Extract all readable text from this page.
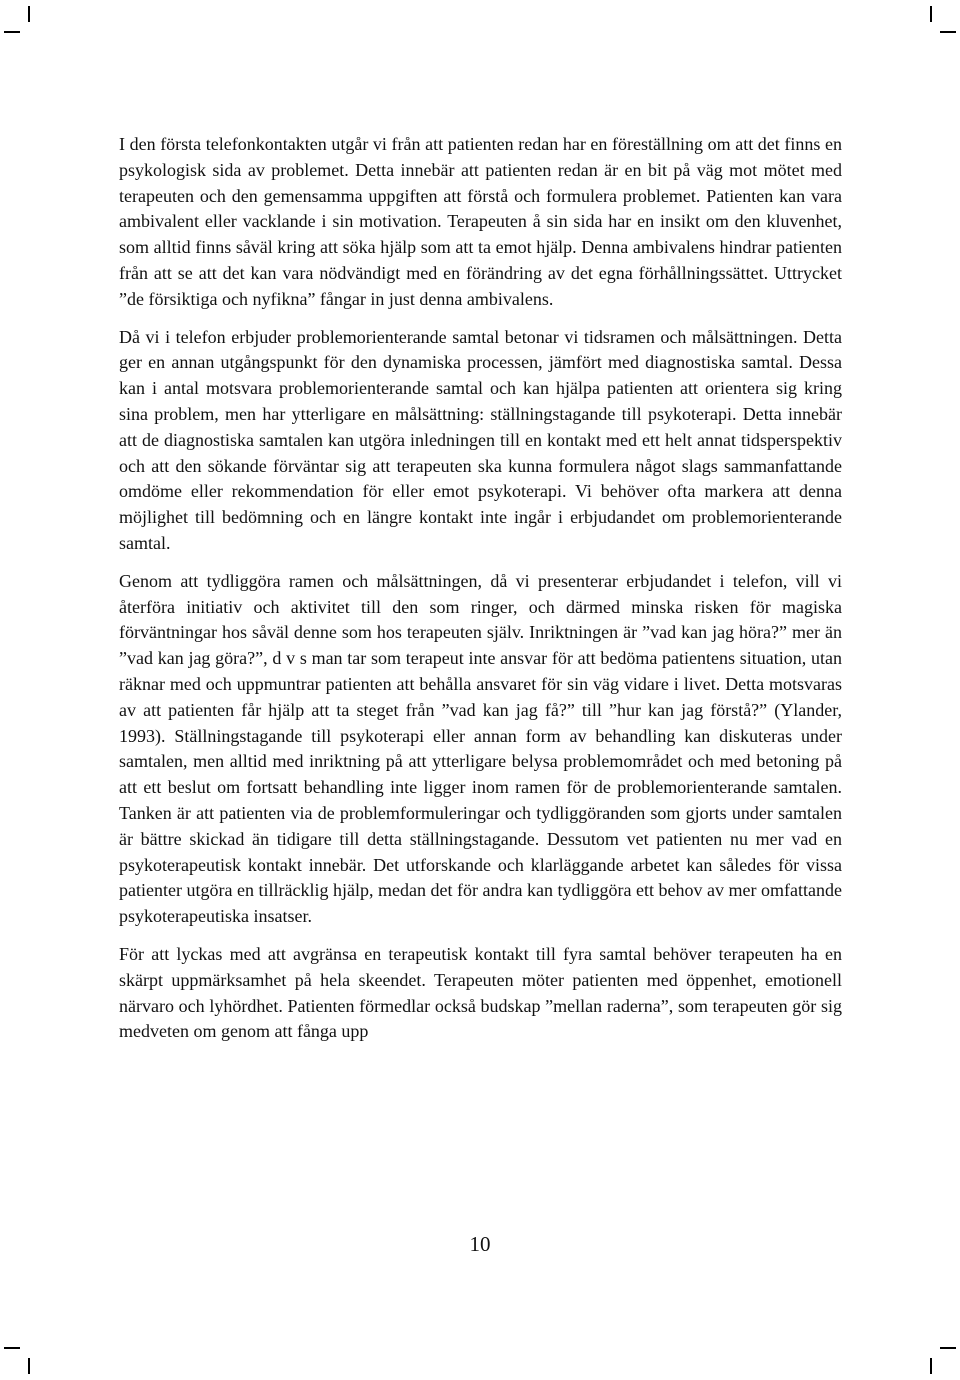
I den första telefonkontakten utgår vi från att patienten redan har en föreställning om att det finns en psykologisk sida av problemet. Detta innebär att patienten redan är en bit på väg mot mötet med terapeuten och den gemensamma uppgiften att förstå och formulera problemet. Patienten kan vara ambivalent eller vacklande i sin motivation. Terapeuten å sin sida har en insikt om den kluvenhet, som alltid finns såväl kring att söka hjälp som att ta emot hjälp. Denna ambivalens hindrar patienten från att se att det kan vara nödvändigt med en förändring av det egna förhållningssättet. Uttrycket ”de försiktiga och nyfikna” fångar in just denna ambivalens.

Då vi i telefon erbjuder problemorienterande samtal betonar vi tidsramen och målsättningen. Detta ger en annan utgångspunkt för den dynamiska processen, jämfört med diagnostiska samtal. Dessa kan i antal motsvara problemorienterande samtal och kan hjälpa patienten att orientera sig kring sina problem, men har ytterligare en målsättning: ställningstagande till psykoterapi. Detta innebär att de diagnostiska samtalen kan utgöra inledningen till en kontakt med ett helt annat tidsperspektiv och att den sökande förväntar sig att terapeuten ska kunna formulera något slags sammanfattande omdöme eller rekommendation för eller emot psykoterapi. Vi behöver ofta markera att denna möjlighet till bedömning och en längre kontakt inte ingår i erbjudandet om problemorienterande samtal.

Genom att tydliggöra ramen och målsättningen, då vi presenterar erbjudandet i telefon, vill vi återföra initiativ och aktivitet till den som ringer, och därmed minska risken för magiska förväntningar hos såväl denne som hos terapeuten själv. Inriktningen är ”vad kan jag höra?” mer än ”vad kan jag göra?”, d v s man tar som terapeut inte ansvar för att bedöma patientens situation, utan räknar med och uppmuntrar patienten att behålla ansvaret för sin väg vidare i livet. Detta motsvaras av att patienten får hjälp att ta steget från ”vad kan jag få?” till ”hur kan jag förstå?” (Ylander, 1993). Ställningstagande till psykoterapi eller annan form av behandling kan diskuteras under samtalen, men alltid med inriktning på att ytterligare belysa problemområdet och med betoning på att ett beslut om fortsatt behandling inte ligger inom ramen för de problemorienterande samtalen. Tanken är att patienten via de problemformuleringar och tydliggöranden som gjorts under samtalen är bättre skickad än tidigare till detta ställningstagande. Dessutom vet patienten nu mer vad en psykoterapeutisk kontakt innebär. Det utforskande och klarläggande arbetet kan således för vissa patienter utgöra en tillräcklig hjälp, medan det för andra kan tydliggöra ett behov av mer omfattande psykoterapeutiska insatser.

För att lyckas med att avgränsa en terapeutisk kontakt till fyra samtal behöver terapeuten ha en skärpt uppmärksamhet på hela skeendet. Terapeuten möter patienten med öppenhet, emotionell närvaro och lyhördhet. Patienten förmedlar också budskap ”mellan raderna”, som terapeuten gör sig medveten om genom att fånga upp

10
